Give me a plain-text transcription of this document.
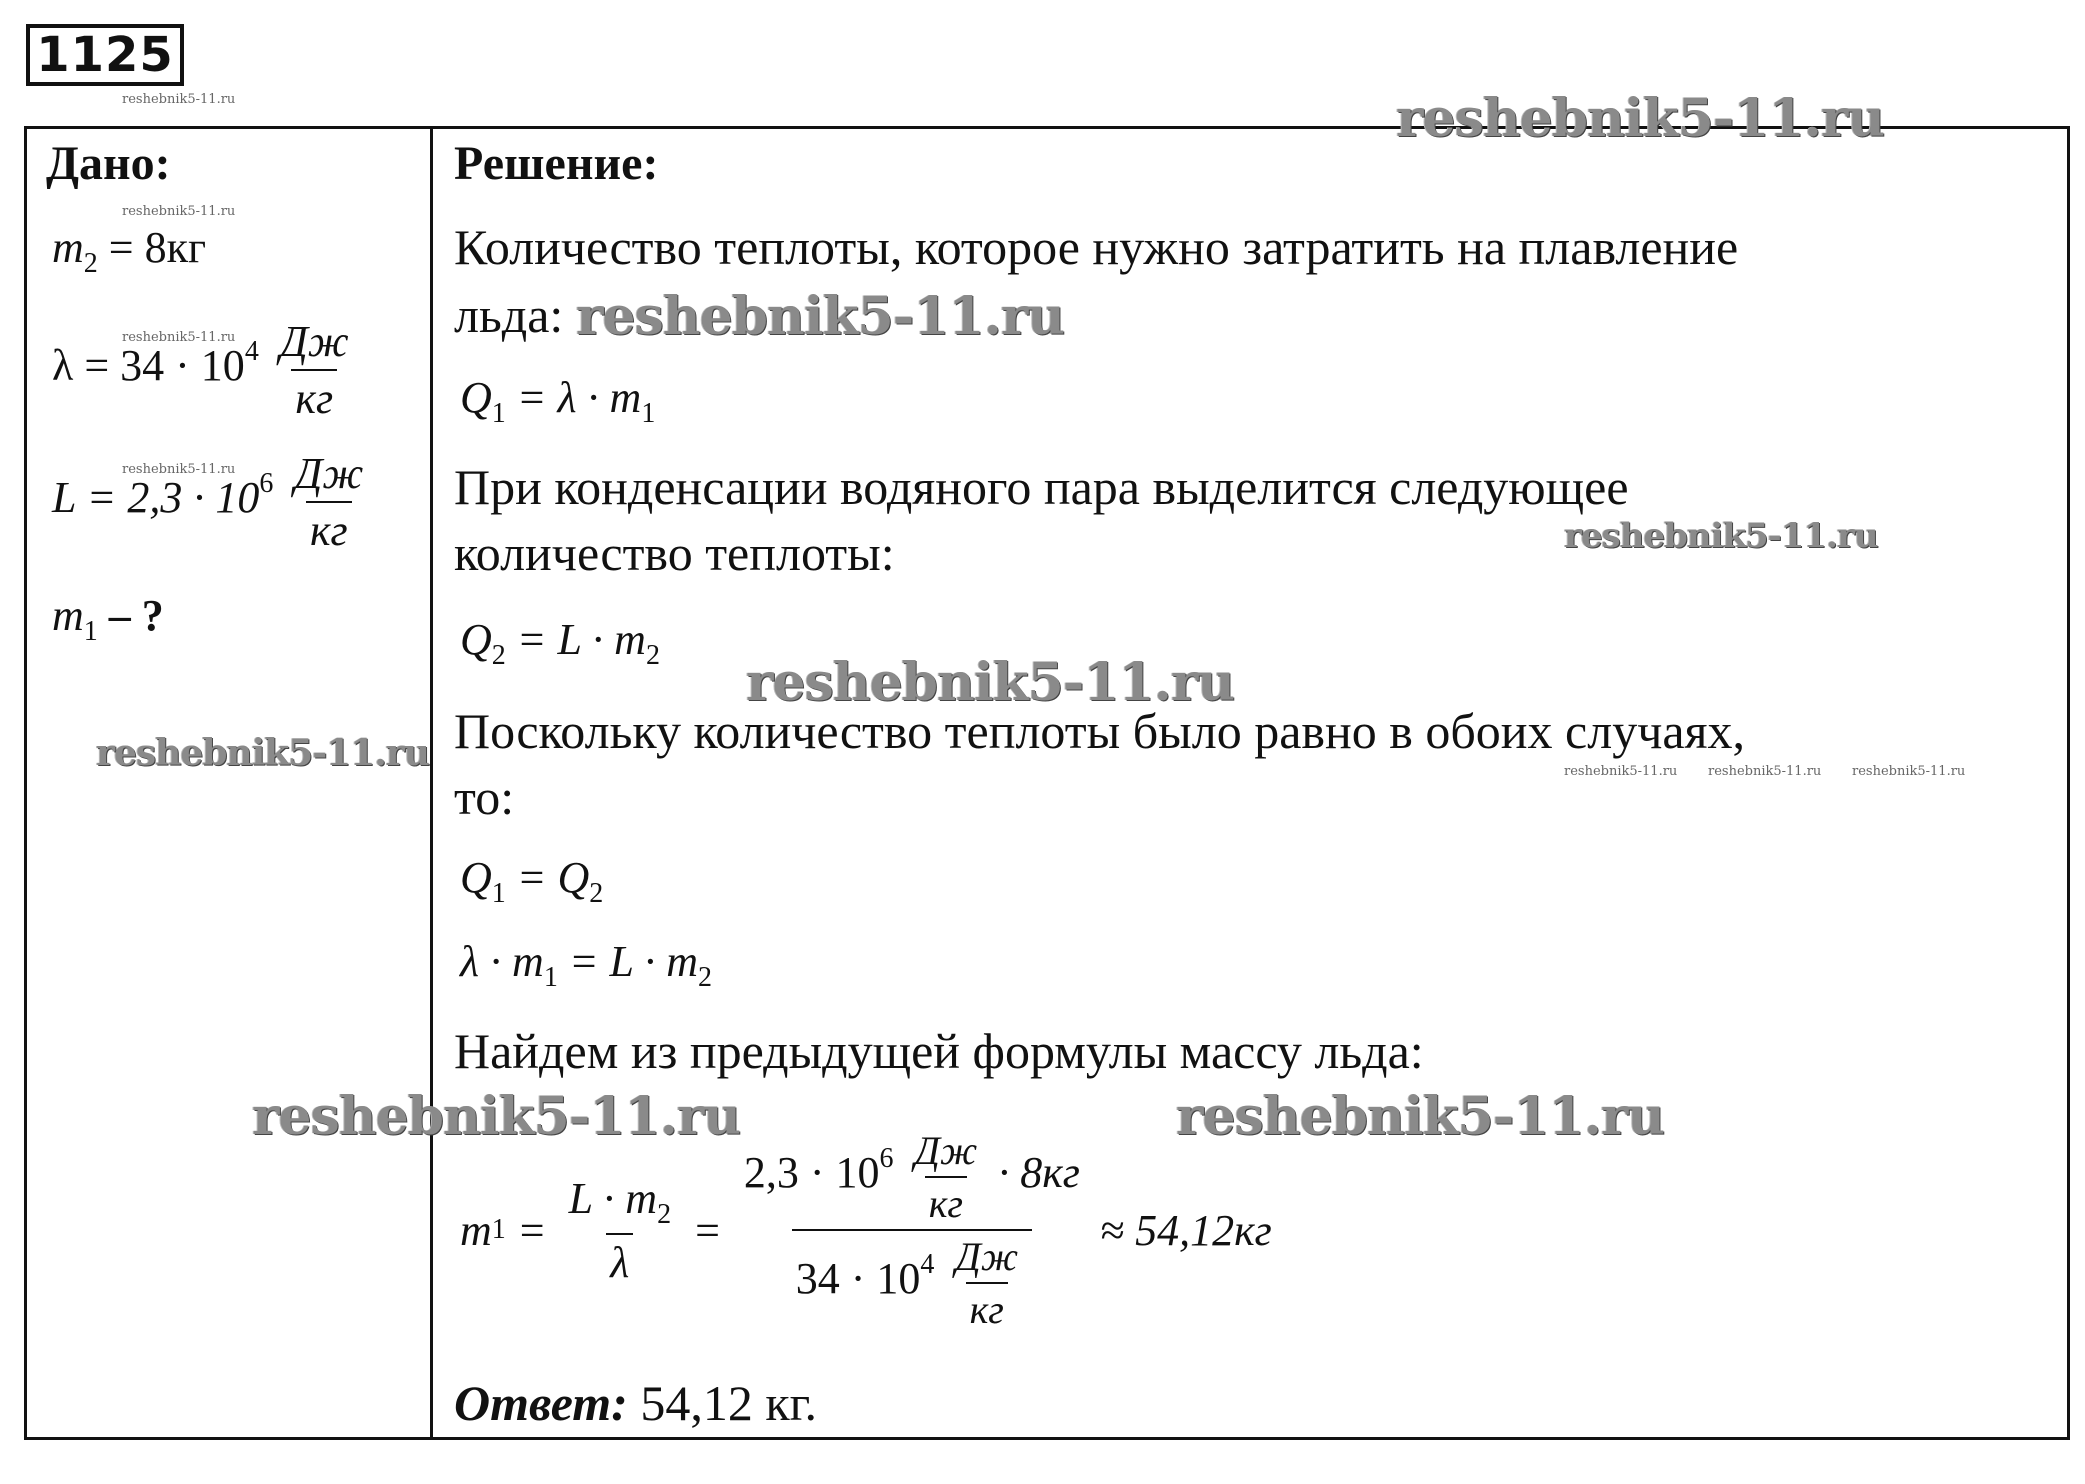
1125
reshebnik5-11.ru
Дано:
reshebnik5-11.ru
$m_2 = 8кг$
reshebnik5-11.ru
$\lambda = 34 \cdot 10^4 \frac{Дж}{кг}$
reshebnik5-11.ru
$L = 2,3 \cdot 10^6 \frac{Дж}{кг}$
$m_1$ – ?
reshebnik5-11.ru
Решение:
reshebnik5-11.ru
Количество теплоты, которое нужно затратить на плавление
льда: reshebnik5-11.ru
$Q_1 = \lambda \cdot m_1$
При конденсации водяного пара выделится следующее
количество теплоты:	reshebnik5-11.ru
$Q_2 = L \cdot m_2$
Поскольку количество теплоты было равно в обоих случаях,
reshebnik5-11.ru
то:	reshebnik5-11.ru reshebnik5-11.ru reshebnik5-11.ru
$Q_1 = Q_2$
$\lambda \cdot m_1 = L \cdot m_2$
Найдем из предыдущей формулы массу льда:
reshebnik5-11.ru	reshebnik5-11.ru
m $1 = \frac{L \cdot m_2}{\lambda} = \frac{2,3 \cdot 10^6 \frac{Дж}{кг} \cdot 8кг}{34 \cdot 10^4 \frac{Дж}{кг}} \approx 54,12кг$
Ответ: 54,12 кг.
